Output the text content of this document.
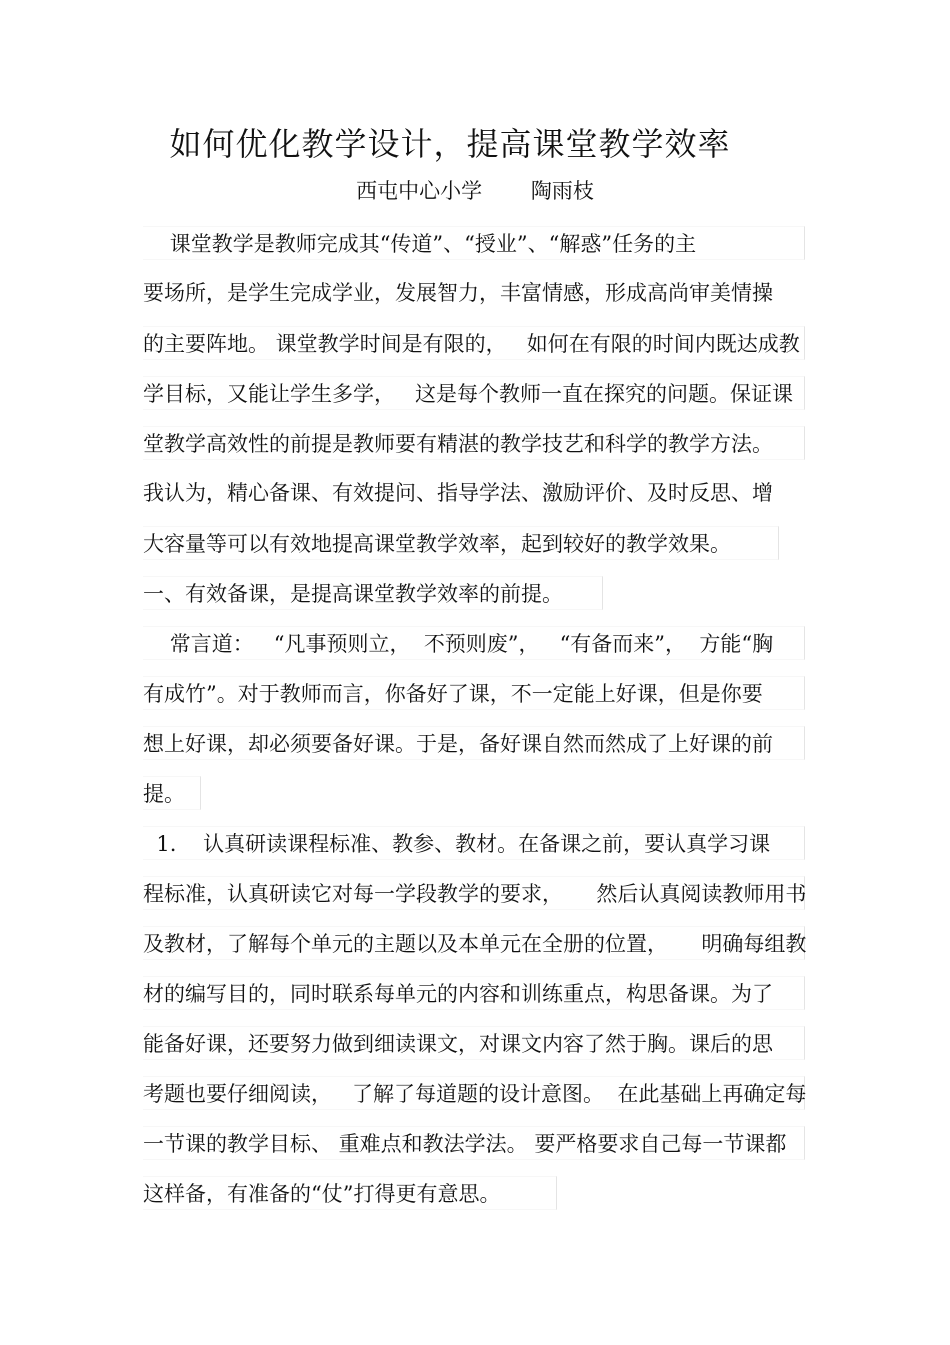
如何优化教学设计，提高课堂教学效率
西屯中心小学 陶雨枝
课堂教学是教师完成其“传道”、“授业”、“解惑”任务的主
要场所，是学生完成学业，发展智力，丰富情感，形成高尚审美情操
的主要阵地。 课堂教学时间是有限的，   如何在有限的时间内既达成教
学目标，又能让学生多学，   这是每个教师一直在探究的问题。保证课
堂教学高效性的前提是教师要有精湛的教学技艺和科学的教学方法。
我认为，精心备课、有效提问、指导学法、激励评价、及时反思、增
大容量等可以有效地提高课堂教学效率，起到较好的教学效果。
一、有效备课，是提高课堂教学效率的前提。
常言道：   “凡事预则立，  不预则废”，   “有备而来”，  方能“胸
有成竹”。对于教师而言，你备好了课，不一定能上好课，但是你要
想上好课，却必须要备好课。于是，备好课自然而然成了上好课的前
提。
1.    认真研读课程标准、教参、教材。在备课之前，要认真学习课
程标准，认真研读它对每一学段教学的要求，     然后认真阅读教师用书
及教材，了解每个单元的主题以及本单元在全册的位置，     明确每组教
材的编写目的，同时联系每单元的内容和训练重点，构思备课。为了
能备好课，还要努力做到细读课文，对课文内容了然于胸。课后的思
考题也要仔细阅读，   了解了每道题的设计意图。  在此基础上再确定每
一节课的教学目标、 重难点和教法学法。 要严格要求自己每一节课都
这样备，有准备的“仗”打得更有意思。
